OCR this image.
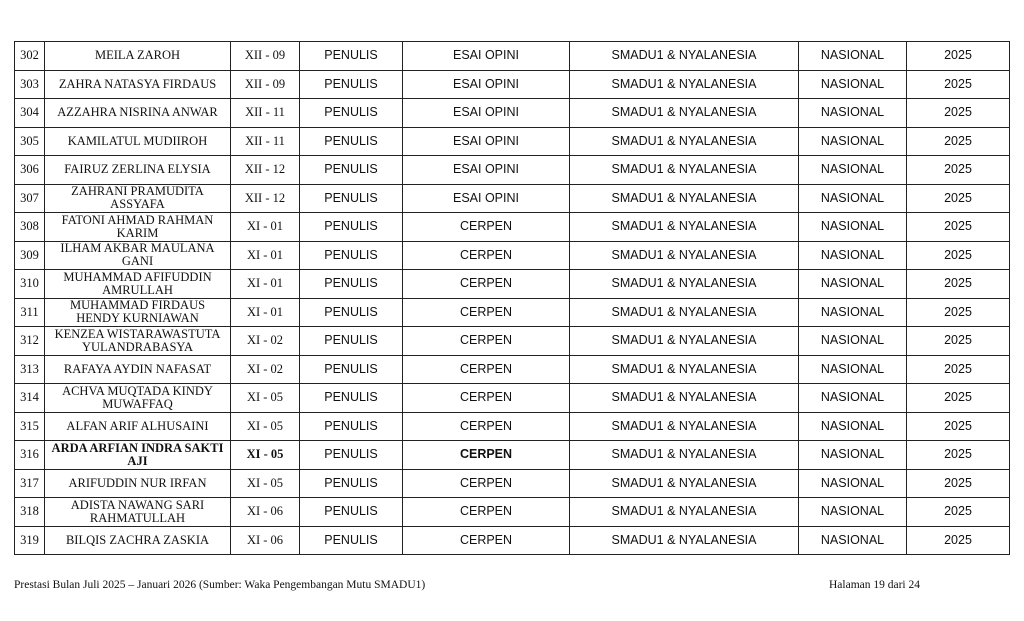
302	MEILA ZAROH	XII - 09	PENULIS	ESAI OPINI	SMADU1 & NYALANESIA	NASIONAL	2025
303	ZAHRA NATASYA FIRDAUS	XII - 09	PENULIS	ESAI OPINI	SMADU1 & NYALANESIA	NASIONAL	2025
304	AZZAHRA NISRINA ANWAR	XII - 11	PENULIS	ESAI OPINI	SMADU1 & NYALANESIA	NASIONAL	2025
305	KAMILATUL MUDIIROH	XII - 11	PENULIS	ESAI OPINI	SMADU1 & NYALANESIA	NASIONAL	2025
306	FAIRUZ ZERLINA ELYSIA	XII - 12	PENULIS	ESAI OPINI	SMADU1 & NYALANESIA	NASIONAL	2025
307	ZAHRANI PRAMUDITA ASSYAFA	XII - 12	PENULIS	ESAI OPINI	SMADU1 & NYALANESIA	NASIONAL	2025
308	FATONI AHMAD RAHMAN KARIM	XI - 01	PENULIS	CERPEN	SMADU1 & NYALANESIA	NASIONAL	2025
309	ILHAM AKBAR MAULANA GANI	XI - 01	PENULIS	CERPEN	SMADU1 & NYALANESIA	NASIONAL	2025
310	MUHAMMAD AFIFUDDIN AMRULLAH	XI - 01	PENULIS	CERPEN	SMADU1 & NYALANESIA	NASIONAL	2025
311	MUHAMMAD FIRDAUS HENDY KURNIAWAN	XI - 01	PENULIS	CERPEN	SMADU1 & NYALANESIA	NASIONAL	2025
312	KENZEA WISTARAWASTUTA YULANDRABASYA	XI - 02	PENULIS	CERPEN	SMADU1 & NYALANESIA	NASIONAL	2025
313	RAFAYA AYDIN NAFASAT	XI - 02	PENULIS	CERPEN	SMADU1 & NYALANESIA	NASIONAL	2025
314	ACHVA MUQTADA KINDY MUWAFFAQ	XI - 05	PENULIS	CERPEN	SMADU1 & NYALANESIA	NASIONAL	2025
315	ALFAN ARIF ALHUSAINI	XI - 05	PENULIS	CERPEN	SMADU1 & NYALANESIA	NASIONAL	2025
316	ARDA ARFIAN INDRA SAKTI AJI	XI - 05	PENULIS	CERPEN	SMADU1 & NYALANESIA	NASIONAL	2025
317	ARIFUDDIN NUR IRFAN	XI - 05	PENULIS	CERPEN	SMADU1 & NYALANESIA	NASIONAL	2025
318	ADISTA NAWANG SARI RAHMATULLAH	XI - 06	PENULIS	CERPEN	SMADU1 & NYALANESIA	NASIONAL	2025
319	BILQIS ZACHRA ZASKIA	XI - 06	PENULIS	CERPEN	SMADU1 & NYALANESIA	NASIONAL	2025
Prestasi Bulan Juli 2025 – Januari 2026 (Sumber: Waka Pengembangan Mutu SMADU1)	Halaman 19 dari 24
